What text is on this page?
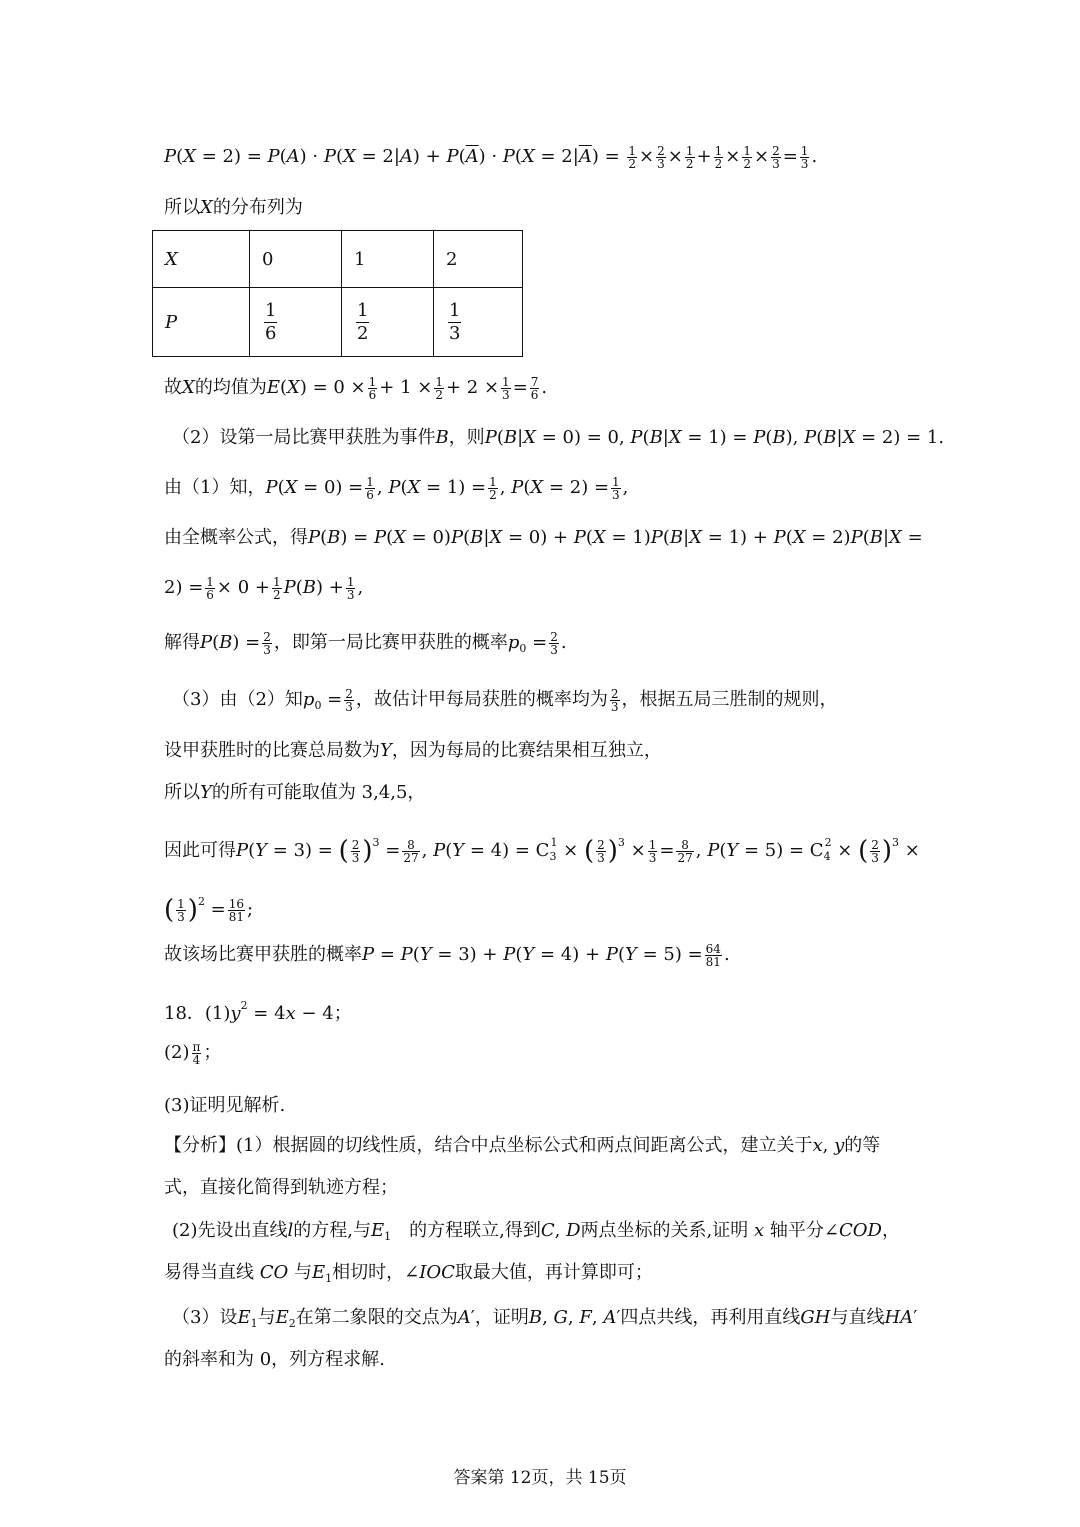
$P(X = 2) = P(A) \cdot P(X = 2|A) + P(\overline{A}) \cdot P(X = 2|\overline{A}) = \frac{1}{2} \times \frac{2}{3} \times \frac{1}{2} + \frac{1}{2} \times \frac{1}{2} \times \frac{2}{3} = \frac{1}{3}$ .
所以X的分布列为
X	0	1	2
P	$\frac{1}{6}$	$\frac{1}{2}$	$\frac{1}{3}$
故X的均值为$E(X) = 0 \times \frac{1}{6} + 1 \times \frac{1}{2} + 2 \times \frac{1}{3} = \frac{7}{6}$ .
（2）设第一局比赛甲获胜为事件B，则P(B|X = 0) = 0, P(B|X = 1) = P(B), P(B|X = 2) = 1.
由（1）知，$P(X = 0) = \frac{1}{6}$ , $P(X = 1) = \frac{1}{2}$ , $P(X = 2) = \frac{1}{3}$ ,
由全概率公式，得P(B) = P(X = 0)P(B|X = 0) + P(X = 1)P(B|X = 1) + P(X = 2)P(B|X =
$2) = \frac{1}{6} \times 0 + \frac{1}{2} P(B) + \frac{1}{3}$ ,
解得$P(B) = \frac{2}{3}$ ，即第一局比赛甲获胜的概率$p_0 = \frac{2}{3}$ .
（3）由（2）知$p_0 = \frac{2}{3}$ ，故估计甲每局获胜的概率均为 $\frac{2}{3}$ ，根据五局三胜制的规则，
设甲获胜时的比赛总局数为Y，因为每局的比赛结果相互独立，
所以Y的所有可能取值为 3,4,5，
因此可得P(Y = 3) = ( $\frac{2}{3} )^3 = \frac{8}{27}$ , $P(Y = 4) = C_3^1$ × ( $\frac{2}{3} )^3 \times \frac{1}{3} = \frac{8}{27}$ , $P(Y = 5) = C_4^2$ × ( $\frac{2}{3} )^3$ ×
( $\frac{1}{3} )^2 = \frac{16}{81}$ ;
故该场比赛甲获胜的概率$P = P(Y = 3) + P(Y = 4) + P(Y = 5) = \frac{64}{81}$ .
18．$(1)y^2 = 4x - 4$；
$(2) \frac{\pi}{4}$ ；
(3)证明见解析.
【分析】(1）根据圆的切线性质，结合中点坐标公式和两点间距离公式，建立关于x, y的等
式，直接化简得到轨迹方程；
(2)先设出直线l的方程,与$E_1$　的方程联立,得到C, D两点坐标的关系,证明 x 轴平分∠COD，
易得当直线 CO 与$E_1$相切时，∠IOC取最大值，再计算即可；
（3）设$E_1$与$E_2$在第二象限的交点为A′，证明B, G, F, A′四点共线，再利用直线GH与直线HA′
的斜率和为 0，列方程求解.
答案第 12页，共 15页
